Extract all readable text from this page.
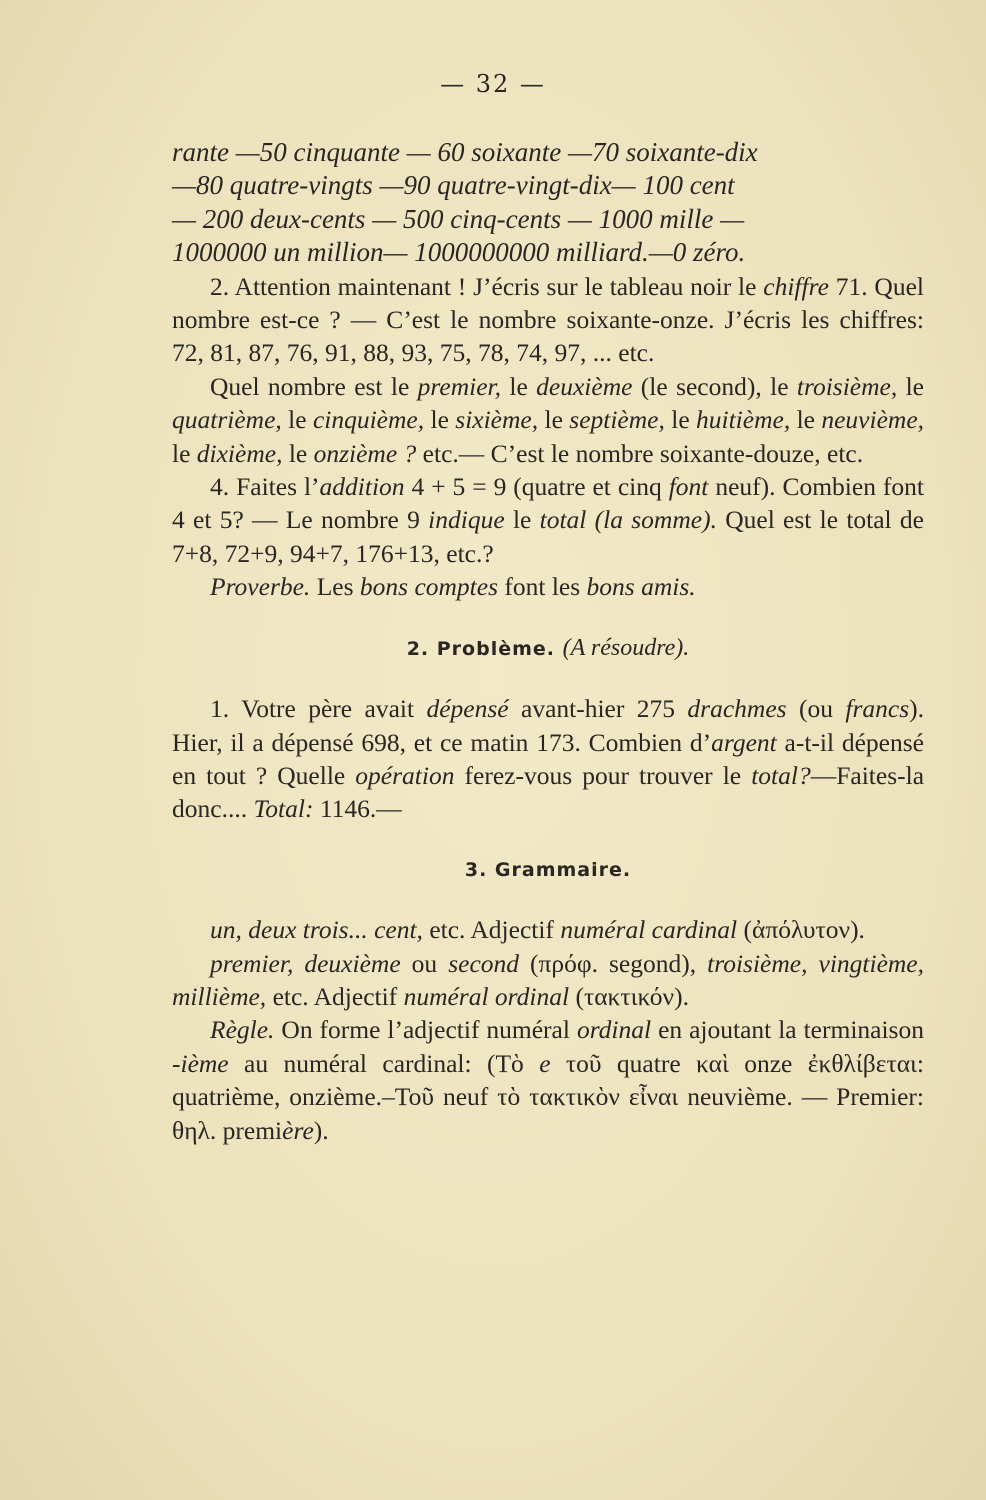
— 32 —

rante —50 cinquante — 60 soixante —70 soixante-dix

—80 quatre-vingts —90 quatre-vingt-dix— 100 cent

— 200 deux-cents — 500 cinq-cents — 1000 mille —

1000000 un million— 1000000000 milliard.—0 zéro.

2. Attention maintenant ! J’écris sur le tableau noir le chiffre 71. Quel nombre est-ce ? — C’est le nombre soixante-onze. J’écris les chiffres: 72, 81, 87, 76, 91, 88, 93, 75, 78, 74, 97, ... etc.

Quel nombre est le premier, le deuxième (le second), le troisième, le quatrième, le cinquième, le sixième, le septième, le huitième, le neuvième, le dixième, le onzième ? etc.— C’est le nombre soixante-douze, etc.

4. Faites l’addition 4 + 5 = 9 (quatre et cinq font neuf). Combien font 4 et 5? — Le nombre 9 indique le total (la somme). Quel est le total de 7+8, 72+9, 94+7, 176+13, etc.?

Proverbe. Les bons comptes font les bons amis.

2. Problème. (A résoudre).

1. Votre père avait dépensé avant-hier 275 drachmes (ou francs). Hier, il a dépensé 698, et ce matin 173. Combien d’argent a-t-il dépensé en tout ? Quelle opération ferez-vous pour trouver le total?—Faites-la donc.... Total: 1146.—

3. Grammaire.

un, deux trois... cent, etc. Adjectif numéral cardinal (ἀπόλυτον).

premier, deuxième ou second (πρόφ. segond), troisième, vingtième, millième, etc. Adjectif numéral ordinal (τακτικόν).

Règle. On forme l’adjectif numéral ordinal en ajoutant la terminaison -ième au numéral cardinal: (Τὸ e τοῦ quatre καὶ onze ἐκθλίβεται: quatrième, onzième.–Τοῦ neuf τὸ τακτικὸν εἶναι neuvième. — Premier: θηλ. première).
